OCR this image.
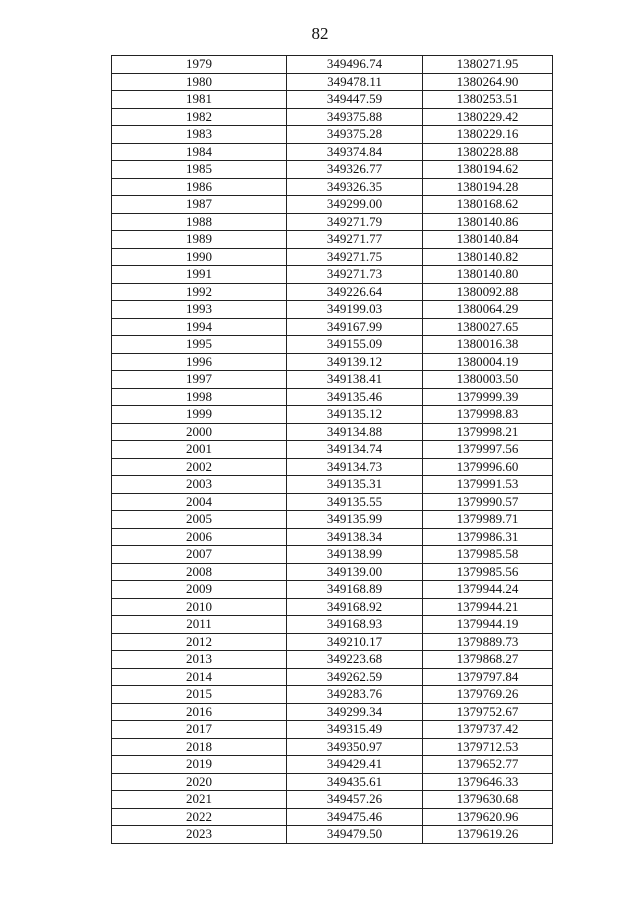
82
1979	349496.74	1380271.95
1980	349478.11	1380264.90
1981	349447.59	1380253.51
1982	349375.88	1380229.42
1983	349375.28	1380229.16
1984	349374.84	1380228.88
1985	349326.77	1380194.62
1986	349326.35	1380194.28
1987	349299.00	1380168.62
1988	349271.79	1380140.86
1989	349271.77	1380140.84
1990	349271.75	1380140.82
1991	349271.73	1380140.80
1992	349226.64	1380092.88
1993	349199.03	1380064.29
1994	349167.99	1380027.65
1995	349155.09	1380016.38
1996	349139.12	1380004.19
1997	349138.41	1380003.50
1998	349135.46	1379999.39
1999	349135.12	1379998.83
2000	349134.88	1379998.21
2001	349134.74	1379997.56
2002	349134.73	1379996.60
2003	349135.31	1379991.53
2004	349135.55	1379990.57
2005	349135.99	1379989.71
2006	349138.34	1379986.31
2007	349138.99	1379985.58
2008	349139.00	1379985.56
2009	349168.89	1379944.24
2010	349168.92	1379944.21
2011	349168.93	1379944.19
2012	349210.17	1379889.73
2013	349223.68	1379868.27
2014	349262.59	1379797.84
2015	349283.76	1379769.26
2016	349299.34	1379752.67
2017	349315.49	1379737.42
2018	349350.97	1379712.53
2019	349429.41	1379652.77
2020	349435.61	1379646.33
2021	349457.26	1379630.68
2022	349475.46	1379620.96
2023	349479.50	1379619.26
